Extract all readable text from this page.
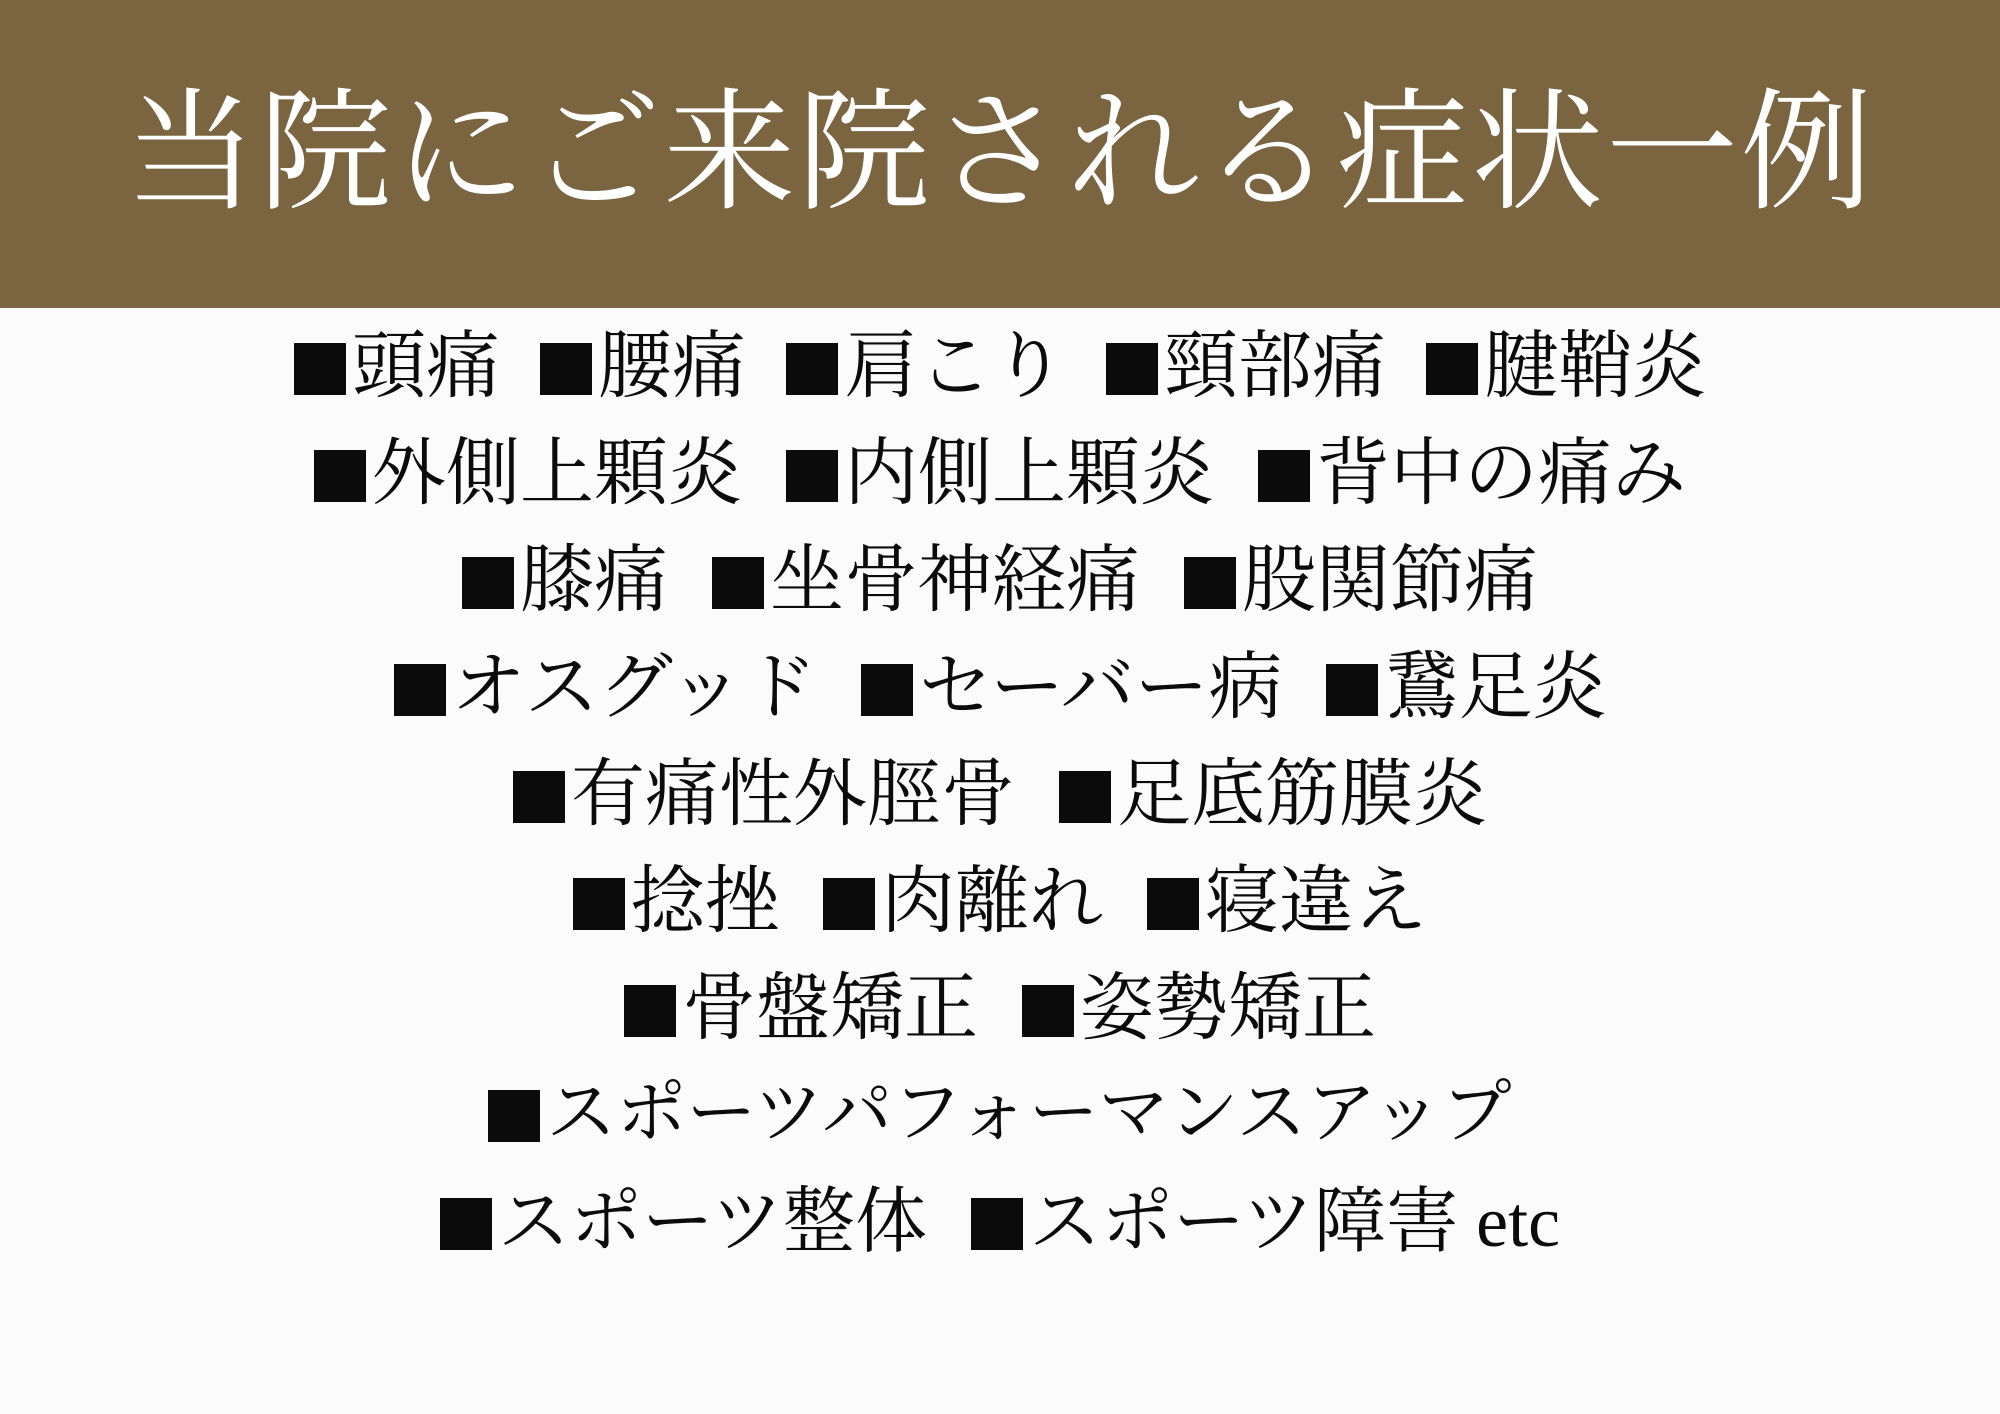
当院にご来院される症状一例
頭痛 腰痛 肩こり 頸部痛 腱鞘炎
外側上顆炎 内側上顆炎 背中の痛み
膝痛 坐骨神経痛 股関節痛
オスグッド セーバー病 鵞足炎
有痛性外脛骨 足底筋膜炎
捻挫 肉離れ 寝違え
骨盤矯正 姿勢矯正
スポーツパフォーマンスアップ
スポーツ整体 スポーツ障害 etc
